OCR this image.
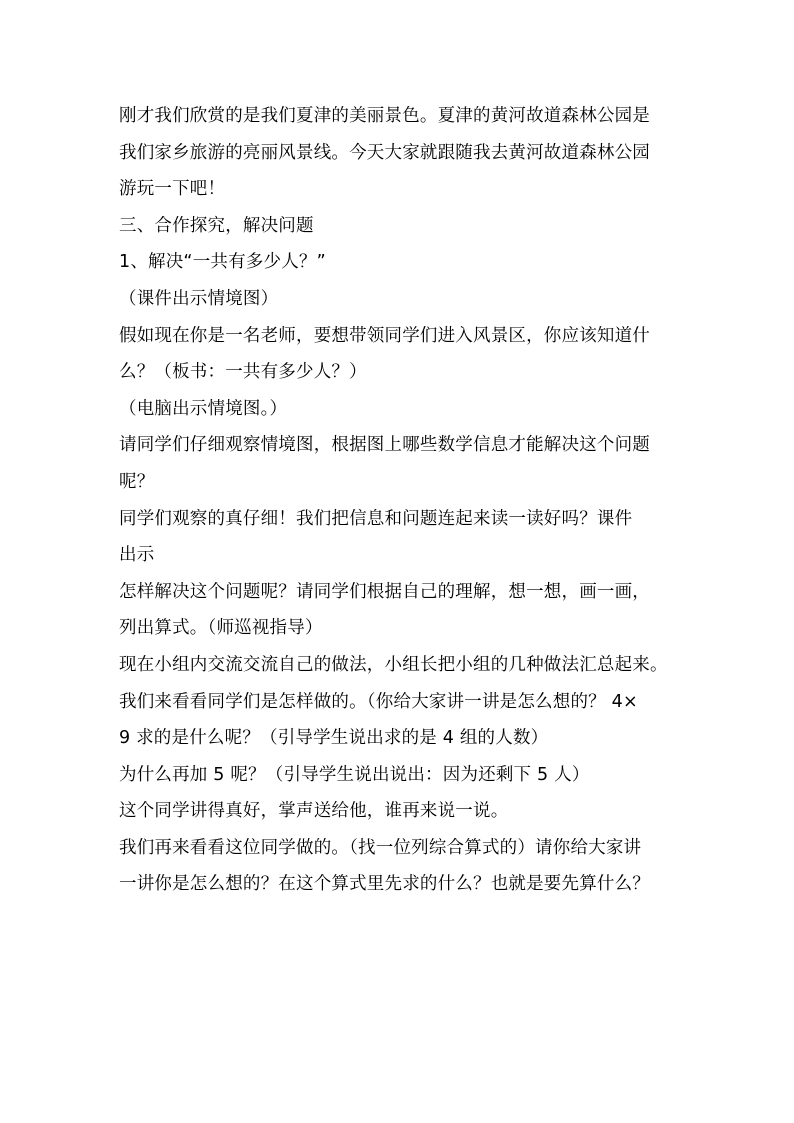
刚才我们欣赏的是我们夏津的美丽景色。夏津的黄河故道森林公园是
我们家乡旅游的亮丽风景线。今天大家就跟随我去黄河故道森林公园
游玩一下吧！
三、合作探究，解决问题
1、解决“一共有多少人？”
（课件出示情境图）
假如现在你是一名老师，要想带领同学们进入风景区，你应该知道什
么？（板书：一共有多少人？）
（电脑出示情境图。）
请同学们仔细观察情境图，根据图上哪些数学信息才能解决这个问题
呢？
同学们观察的真仔细！我们把信息和问题连起来读一读好吗？课件
出示
怎样解决这个问题呢？请同学们根据自己的理解，想一想，画一画，
列出算式。（师巡视指导）
现在小组内交流交流自己的做法，小组长把小组的几种做法汇总起来。
我们来看看同学们是怎样做的。（你给大家讲一讲是怎么想的？ 4×
9 求的是什么呢？（引导学生说出求的是 4 组的人数）
为什么再加 5 呢？（引导学生说出说出：因为还剩下 5 人）
这个同学讲得真好，掌声送给他，谁再来说一说。
我们再来看看这位同学做的。（找一位列综合算式的）请你给大家讲
一讲你是怎么想的？在这个算式里先求的什么？也就是要先算什么？
